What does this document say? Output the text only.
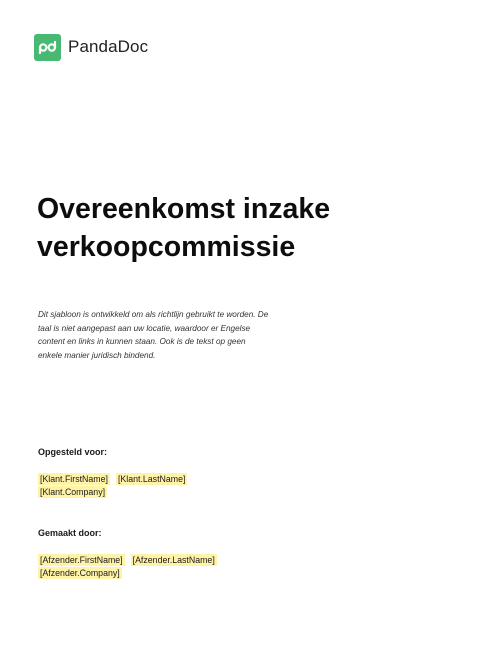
PandaDoc
Overeenkomst inzake
verkoopcommissie

Dit sjabloon is ontwikkeld om als richtlijn gebruikt te worden. De
taal is niet aangepast aan uw locatie, waardoor er Engelse
content en links in kunnen staan. Ook is de tekst op geen
enkele manier juridisch bindend.

Opgesteld voor:

[Klant.FirstName] [Klant.LastName]
[Klant.Company]

Gemaakt door:

[Afzender.FirstName] [Afzender.LastName]
[Afzender.Company]
